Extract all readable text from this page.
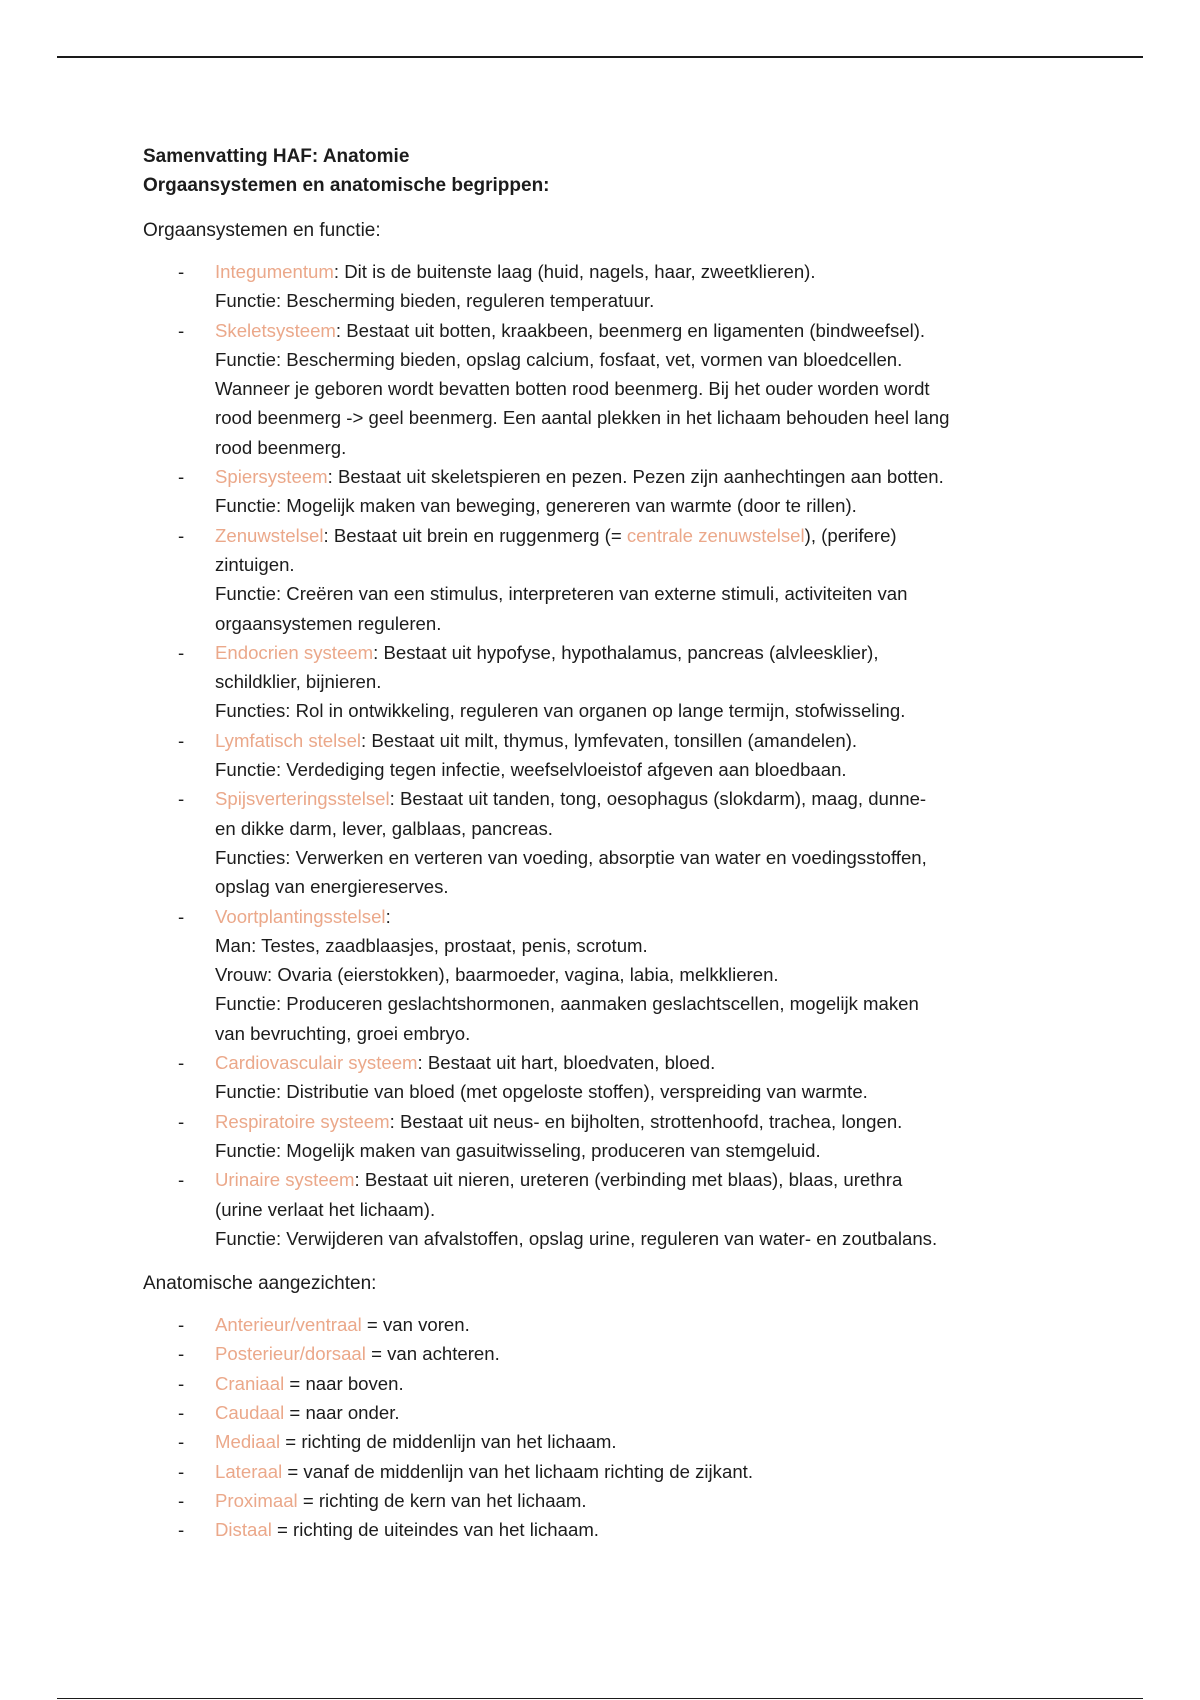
Samenvatting HAF: Anatomie
Orgaansystemen en anatomische begrippen:
Orgaansystemen en functie:
- Integumentum: Dit is de buitenste laag (huid, nagels, haar, zweetklieren).
Functie: Bescherming bieden, reguleren temperatuur.
- Skeletsysteem: Bestaat uit botten, kraakbeen, beenmerg en ligamenten (bindweefsel).
Functie: Bescherming bieden, opslag calcium, fosfaat, vet, vormen van bloedcellen.
Wanneer je geboren wordt bevatten botten rood beenmerg. Bij het ouder worden wordt
rood beenmerg -> geel beenmerg. Een aantal plekken in het lichaam behouden heel lang
rood beenmerg.
- Spiersysteem: Bestaat uit skeletspieren en pezen. Pezen zijn aanhechtingen aan botten.
Functie: Mogelijk maken van beweging, genereren van warmte (door te rillen).
- Zenuwstelsel: Bestaat uit brein en ruggenmerg (= centrale zenuwstelsel), (perifere)
zintuigen.
Functie: Creëren van een stimulus, interpreteren van externe stimuli, activiteiten van
orgaansystemen reguleren.
- Endocrien systeem: Bestaat uit hypofyse, hypothalamus, pancreas (alvleesklier),
schildklier, bijnieren.
Functies: Rol in ontwikkeling, reguleren van organen op lange termijn, stofwisseling.
- Lymfatisch stelsel: Bestaat uit milt, thymus, lymfevaten, tonsillen (amandelen).
Functie: Verdediging tegen infectie, weefselvloeistof afgeven aan bloedbaan.
- Spijsverteringsstelsel: Bestaat uit tanden, tong, oesophagus (slokdarm), maag, dunne-
en dikke darm, lever, galblaas, pancreas.
Functies: Verwerken en verteren van voeding, absorptie van water en voedingsstoffen,
opslag van energiereserves.
- Voortplantingsstelsel:
Man: Testes, zaadblaasjes, prostaat, penis, scrotum.
Vrouw: Ovaria (eierstokken), baarmoeder, vagina, labia, melkklieren.
Functie: Produceren geslachtshormonen, aanmaken geslachtscellen, mogelijk maken
van bevruchting, groei embryo.
- Cardiovasculair systeem: Bestaat uit hart, bloedvaten, bloed.
Functie: Distributie van bloed (met opgeloste stoffen), verspreiding van warmte.
- Respiratoire systeem: Bestaat uit neus- en bijholten, strottenhoofd, trachea, longen.
Functie: Mogelijk maken van gasuitwisseling, produceren van stemgeluid.
- Urinaire systeem: Bestaat uit nieren, ureteren (verbinding met blaas), blaas, urethra
(urine verlaat het lichaam).
Functie: Verwijderen van afvalstoffen, opslag urine, reguleren van water- en zoutbalans.
Anatomische aangezichten:
- Anterieur/ventraal = van voren.
- Posterieur/dorsaal = van achteren.
- Craniaal = naar boven.
- Caudaal = naar onder.
- Mediaal = richting de middenlijn van het lichaam.
- Lateraal = vanaf de middenlijn van het lichaam richting de zijkant.
- Proximaal = richting de kern van het lichaam.
- Distaal = richting de uiteindes van het lichaam.
